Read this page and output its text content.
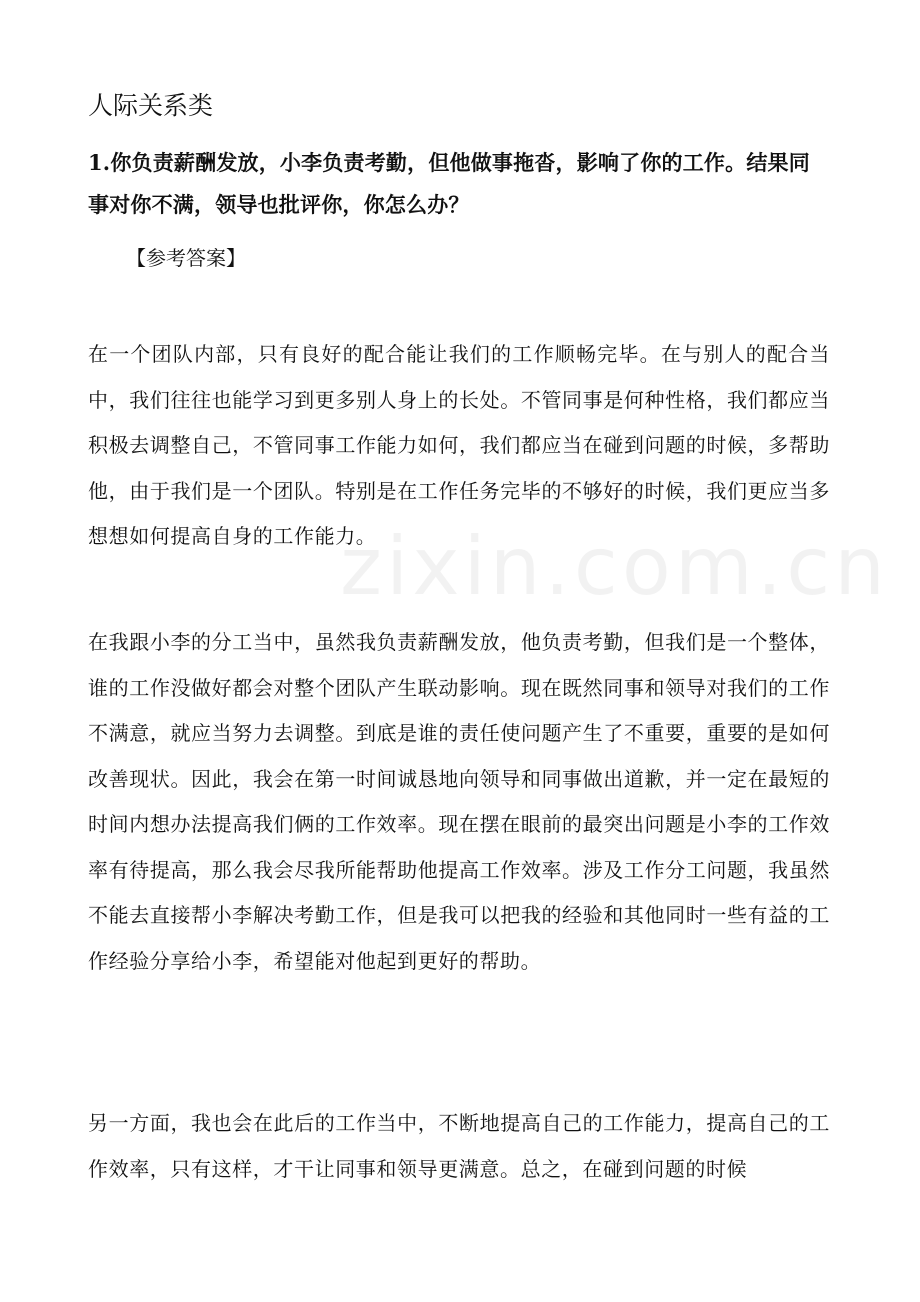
zixin.com.cn
人际关系类

1.你负责薪酬发放，小李负责考勤，但他做事拖沓，影响了你的工作。结果同事对你不满，领导也批评你，你怎么办？

【参考答案】

在一个团队内部，只有良好的配合能让我们的工作顺畅完毕。在与别人的配合当中，我们往往也能学习到更多别人身上的长处。不管同事是何种性格，我们都应当积极去调整自己，不管同事工作能力如何，我们都应当在碰到问题的时候，多帮助他，由于我们是一个团队。特别是在工作任务完毕的不够好的时候，我们更应当多想想如何提高自身的工作能力。

在我跟小李的分工当中，虽然我负责薪酬发放，他负责考勤，但我们是一个整体，谁的工作没做好都会对整个团队产生联动影响。现在既然同事和领导对我们的工作不满意，就应当努力去调整。到底是谁的责任使问题产生了不重要，重要的是如何改善现状。因此，我会在第一时间诚恳地向领导和同事做出道歉，并一定在最短的时间内想办法提高我们俩的工作效率。现在摆在眼前的最突出问题是小李的工作效率有待提高，那么我会尽我所能帮助他提高工作效率。涉及工作分工问题，我虽然不能去直接帮小李解决考勤工作，但是我可以把我的经验和其他同时一些有益的工作经验分享给小李，希望能对他起到更好的帮助。

另一方面，我也会在此后的工作当中，不断地提高自己的工作能力，提高自己的工作效率，只有这样，才干让同事和领导更满意。总之，在碰到问题的时候
